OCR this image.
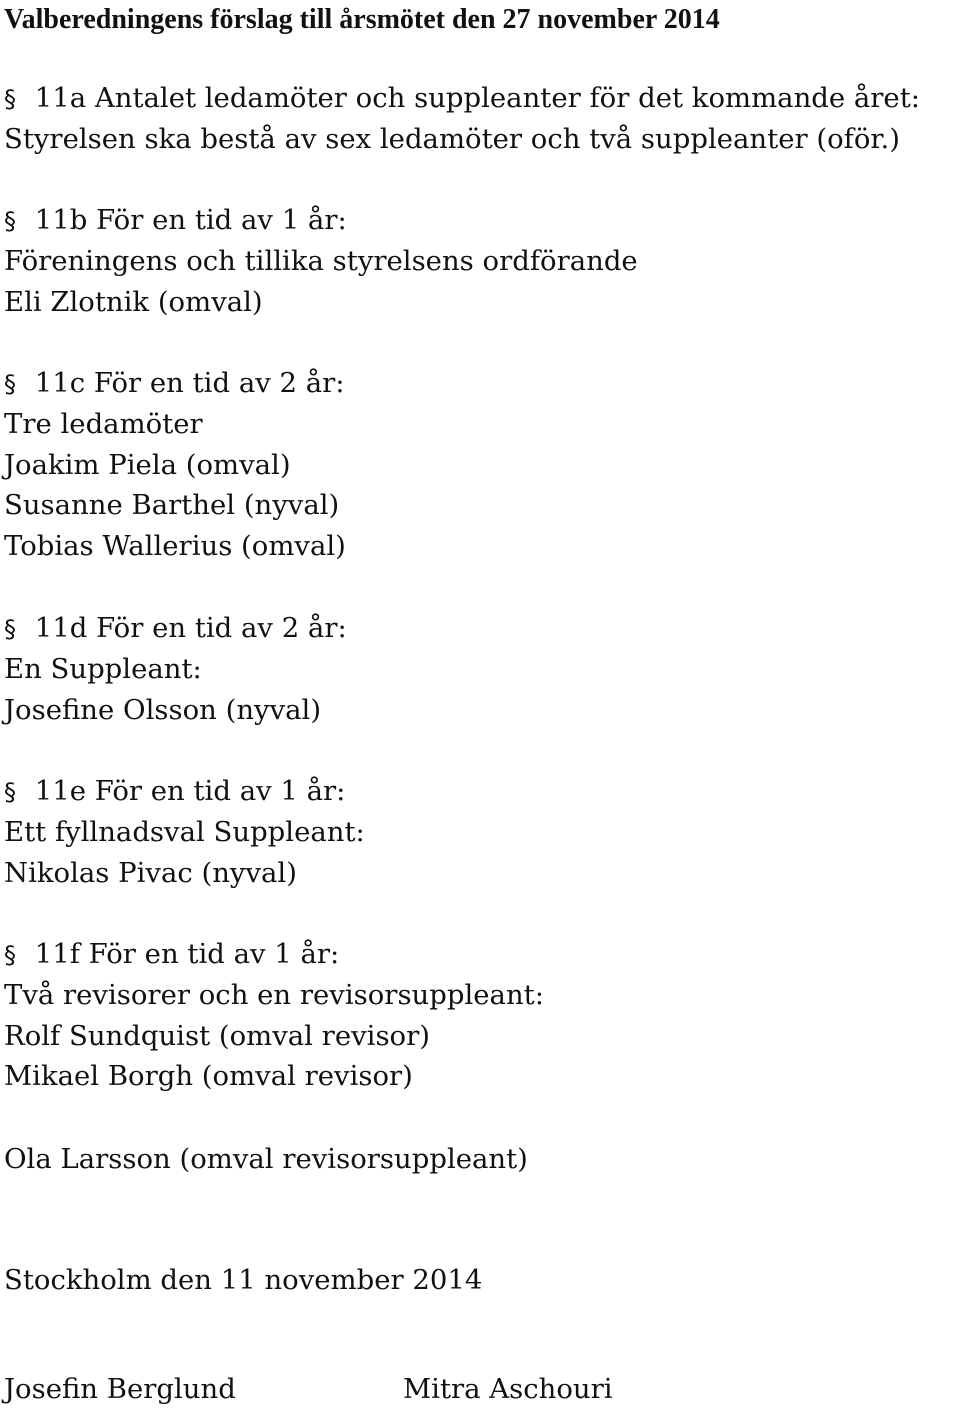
Valberedningens förslag till årsmötet den 27 november 2014
§ 11a Antalet ledamöter och suppleanter för det kommande året:
Styrelsen ska bestå av sex ledamöter och två suppleanter (oför.)
§ 11b För en tid av 1 år:
Föreningens och tillika styrelsens ordförande
Eli Zlotnik (omval)
§ 11c För en tid av 2 år:
Tre ledamöter
Joakim Piela (omval)
Susanne Barthel (nyval)
Tobias Wallerius (omval)
§ 11d För en tid av 2 år:
En Suppleant:
Josefine Olsson (nyval)
§ 11e För en tid av 1 år:
Ett fyllnadsval Suppleant:
Nikolas Pivac (nyval)
§ 11f För en tid av 1 år:
Två revisorer och en revisorsuppleant:
Rolf Sundquist (omval revisor)
Mikael Borgh (omval revisor)
Ola Larsson (omval revisorsuppleant)
Stockholm den 11 november 2014
Josefin Berglund	Mitra Aschouri
